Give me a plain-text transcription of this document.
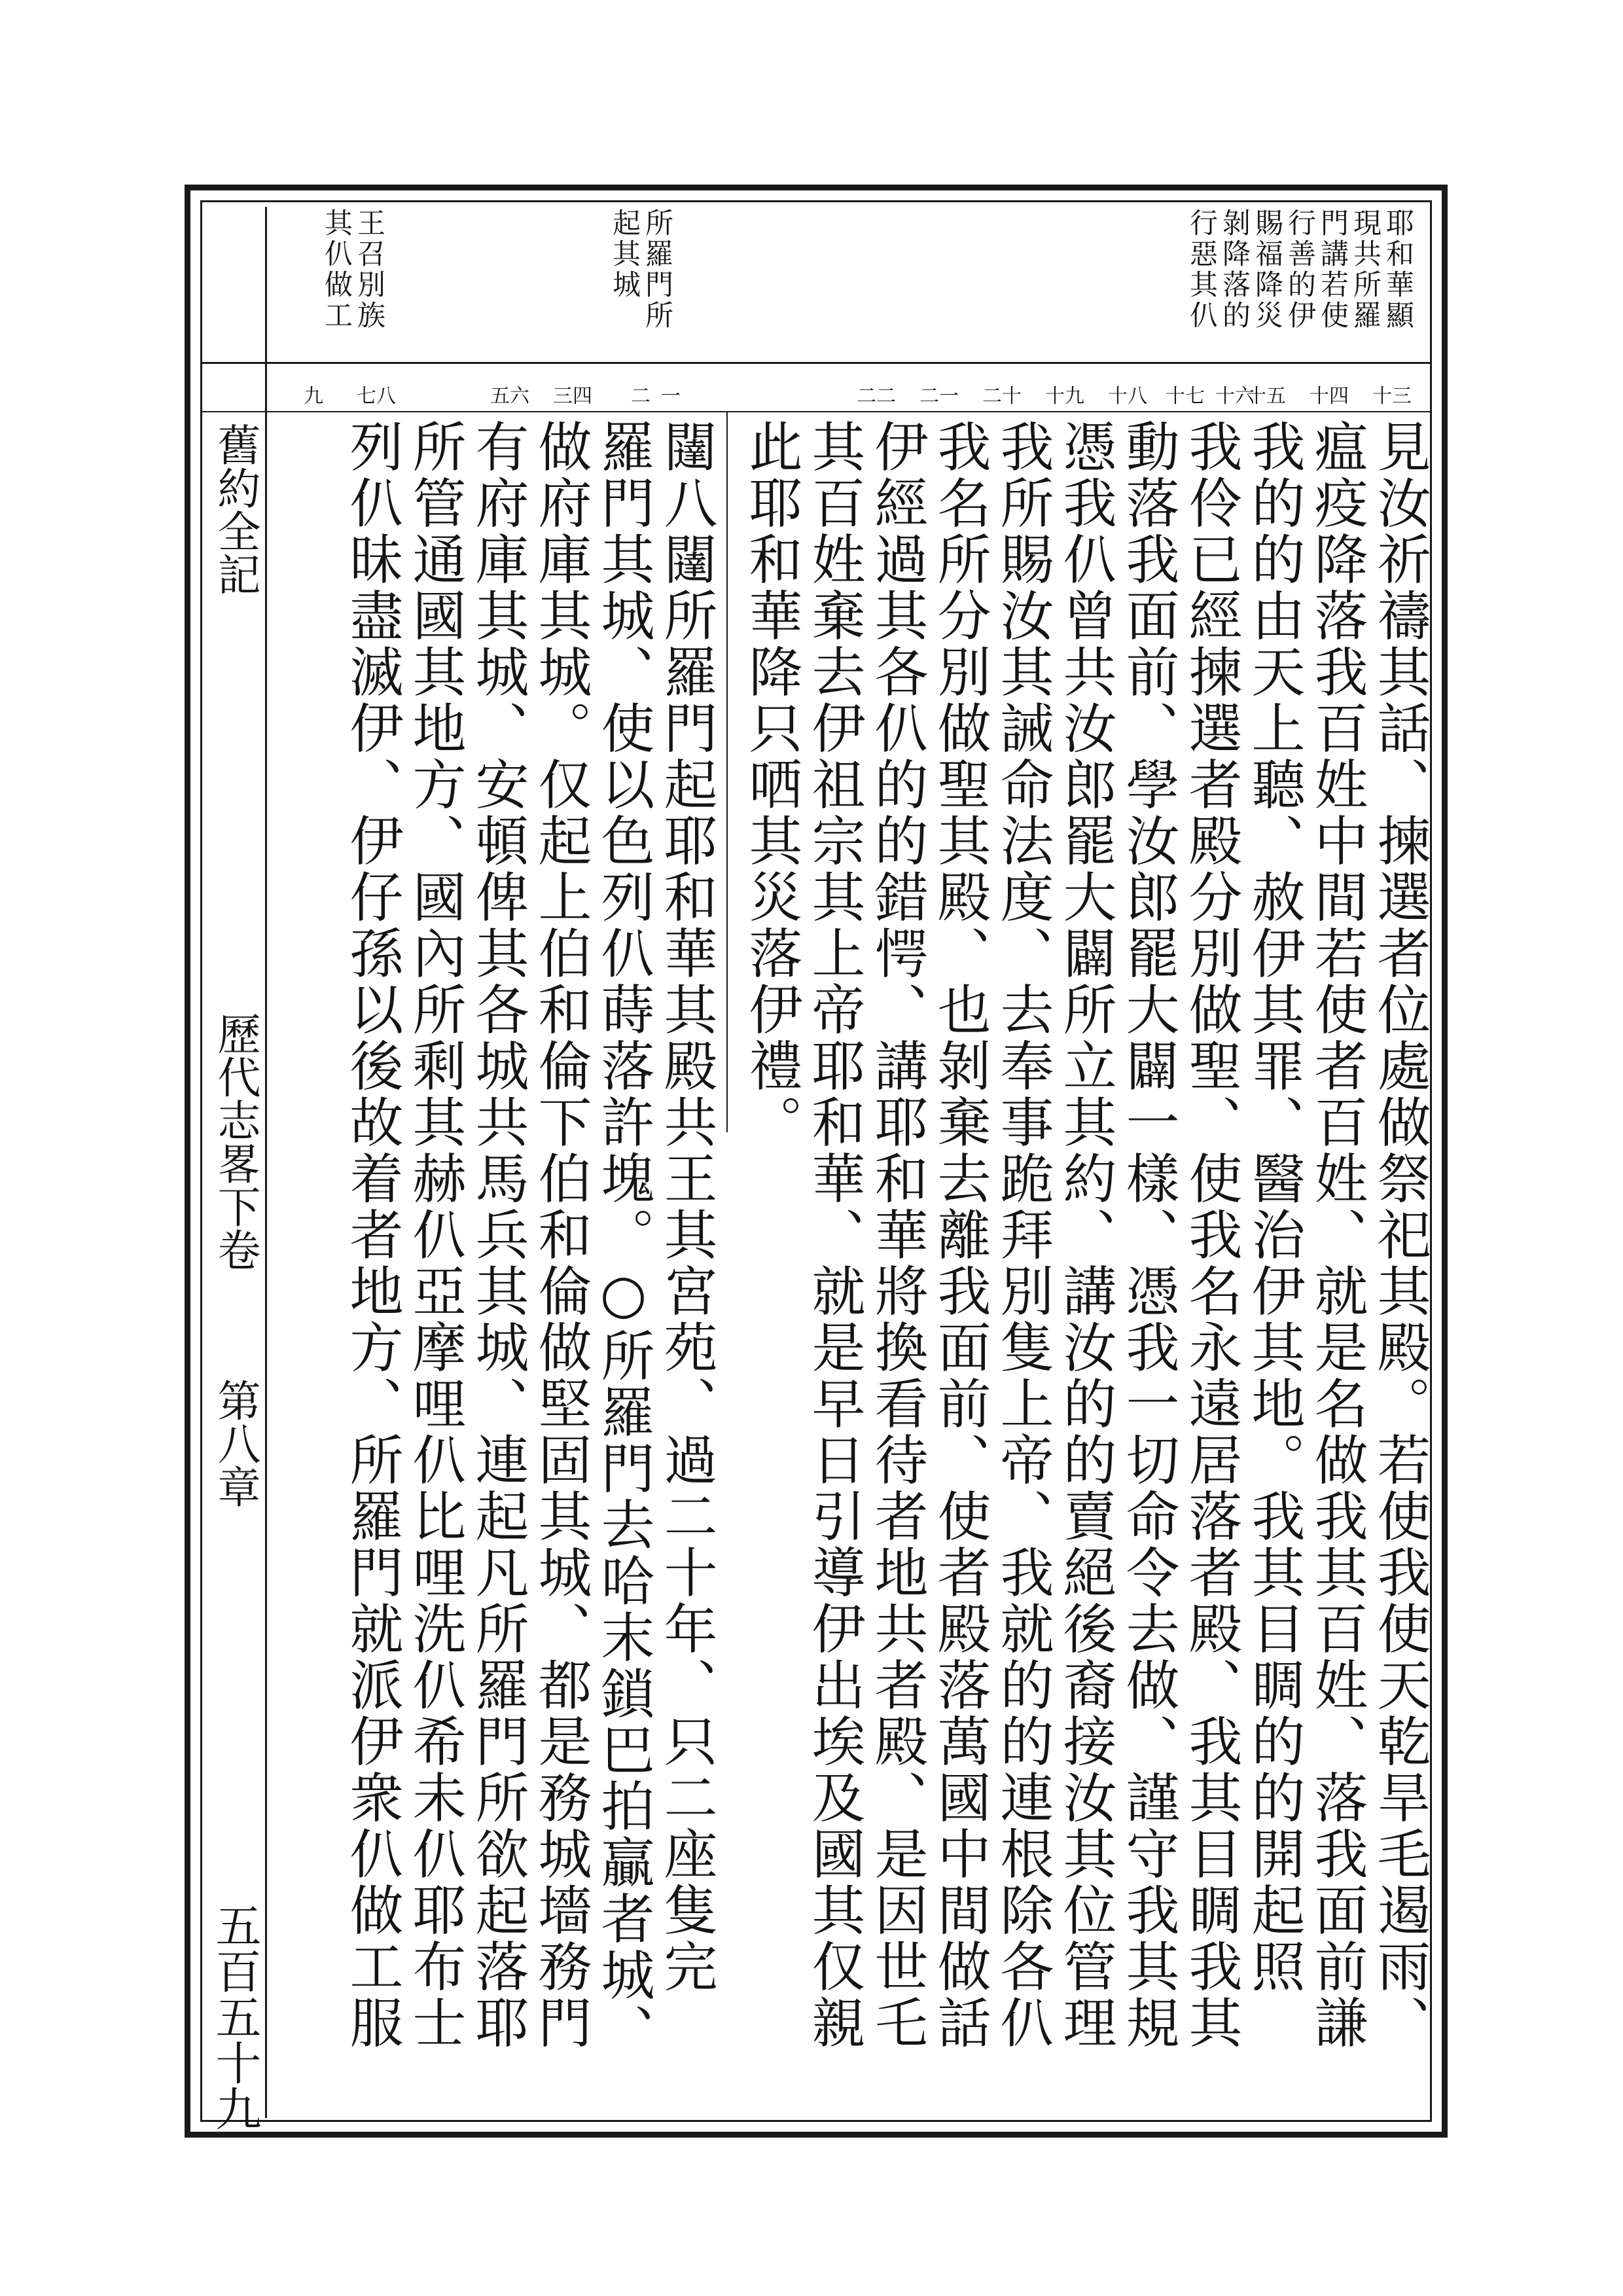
舊約全記
歷代志畧下卷
第八章
五百五十九
耶和華顯
現共所羅
門講若使
行善的伊
賜福降災
剝降落的
行惡其仈
所羅門所
起其城
王召別族
其仈做工
十三
十四
十五
十六
十七
十八
十九
二十
二一
二二
一
二
三四
五六
七八
九
見汝祈禱其話、揀選者位處做祭祀其殿。若使我使天乾旱毛遏雨、
瘟疫降落我百姓中間若使者百姓、就是名做我其百姓、落我面前謙
我的的由天上聽、赦伊其罪、醫治伊其地。我其目睭的的開起照
我伶已經揀選者殿分別做聖、使我名永遠居落者殿、我其目睭我其
動落我面前、學汝郎罷大闢一樣、憑我一切命令去做、謹守我其規
憑我仈曾共汝郎罷大闢所立其約、講汝的的賣絕後裔接汝其位管理
我所賜汝其誡命法度、去奉事跪拜別隻上帝、我就的的連根除各仈
我名所分別做聖其殿、也剝棄去離我面前、使者殿落萬國中間做話
伊經過其各仈的的錯愕、講耶和華將換看待者地共者殿、是因世乇
其百姓棄去伊祖宗其上帝耶和華、就是早日引導伊出埃及國其仅親
此耶和華降只哂其災落伊禮。
闥八闥所羅門起耶和華其殿共王其宮苑、過二十年、只二座隻完
羅門其城、使以色列仈蒔落許塊。○所羅門去哈末鎖巴拍贏者城、
做府庫其城。仅起上伯和倫下伯和倫做堅固其城、都是務城墻務門
有府庫其城、安頓俾其各城共馬兵其城、連起凡所羅門所欲起落耶
所管通國其地方、國內所剩其赫仈亞摩哩仈比哩洗仈希未仈耶布士
列仈昧盡滅伊、伊仔孫以後故着者地方、所羅門就派伊衆仈做工服
